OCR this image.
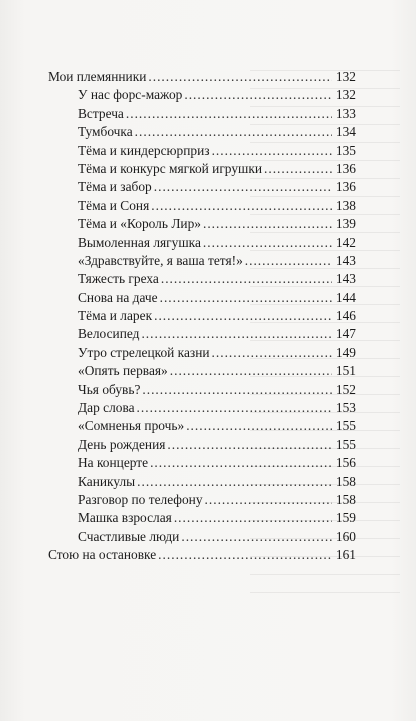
Мои племянники .....	132
У нас форс-мажор .....	132
Встреча .....	133
Тумбочка .....	134
Тёма и киндерсюрприз .....	135
Тёма и конкурс мягкой игрушки .....	136
Тёма и забор .....	136
Тёма и Соня .....	138
Тёма и «Король Лир» .....	139
Вымоленная лягушка .....	142
«Здравствуйте, я ваша тетя!» .....	143
Тяжесть греха .....	143
Снова на даче .....	144
Тёма и ларек .....	146
Велосипед .....	147
Утро стрелецкой казни .....	149
«Опять первая» .....	151
Чья обувь? .....	152
Дар слова .....	153
«Сомненья прочь» .....	155
День рождения .....	155
На концерте .....	156
Каникулы .....	158
Разговор по телефону .....	158
Машка взрослая .....	159
Счастливые люди .....	160
Стою на остановке .....	161
